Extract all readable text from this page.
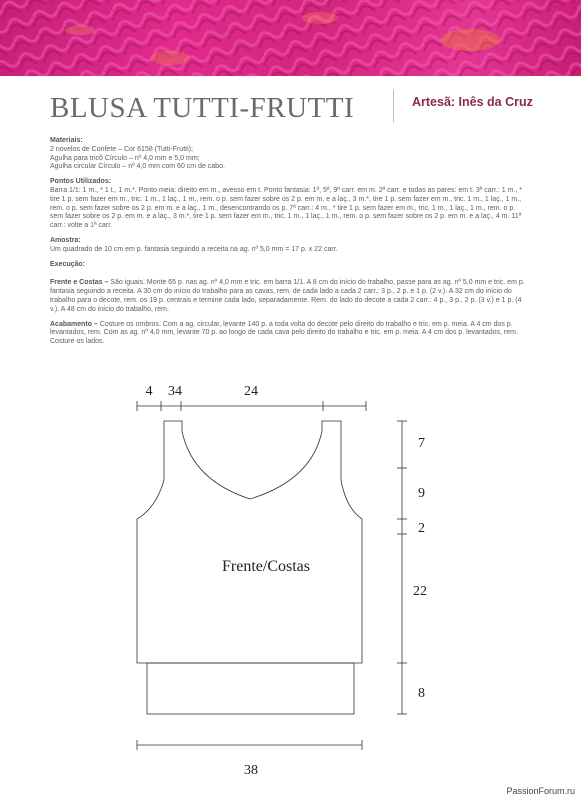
BLUSA TUTTI-FRUTTI	Artesã: Inês da Cruz

Materiais:

2 novelos de Confete – Cor 6158 (Tutti-Frutti);

Agulha para tricô Círculo – nº 4,0 mm e 5,0 mm;

Agulha circular Círculo – nº 4,0 mm com 60 cm de cabo.

Pontos Utilizados:

Barra 1/1: 1 m., * 1 t., 1 m.*. Ponto meia: direito em m., avesso em t. Ponto fantasia: 1ª, 5ª, 9ª carr. em m. 2ª carr. e todas as pares: em t. 3ª carr.: 1 m., * tire 1 p. sem fazer em m., tric. 1 m., 1 laç., 1 m., rem. o p. sem fazer sobre os 2 p. em m. e a laç., 3 m.*, tire 1 p. sem fazer em m., tric. 1 m., 1 laç., 1 m., rem. o p. sem fazer sobre os 2 p. em m. e a laç., 1 m., desencontrando os p. 7ª carr.: 4 m., * tire 1 p. sem fazer em m., tric. 1 m., 1 laç., 1 m., rem. o p. sem fazer sobre os 2 p. em m. e a laç., 3 m.*, tire 1 p. sem fazer em m., tric. 1 m., 1 laç., 1 m., rem. o p. sem fazer sobre os 2 p. em m. e a laç., 4 m. 11ª carr.: volte a 1ª carr.

Amostra:

Um quadrado de 10 cm em p. fantasia seguindo a receita na ag. nº 5,0 mm = 17 p. x 22 carr.

Execução:

Frente e Costas – São iguais. Monte 65 p. nas ag. nº 4,0 mm e tric. em barra 1/1. A 8 cm do início do trabalho, passe para as ag. nº 5,0 mm e tric. em p. fantasia seguindo a receita. A 30 cm do início do trabalho para as cavas, rem. de cada lado a cada 2 carr.: 3 p., 2 p. e 1 p. (2 v.). A 32 cm do início do trabalho para o decote, rem. os 19 p. centrais e termine cada lado, separadamente. Rem. do lado do decote a cada 2 carr.: 4 p., 3 p., 2 p. (3 v.) e 1 p. (4 v.). A 48 cm do início do trabalho, rem.

Acabamento – Costure os ombros. Com a ag. circular, levante 140 p. a toda volta do decote pelo direito do trabalho e tric. em p. meia. A 4 cm dos p. levantados, rem. Com as ag. nº 4,0 mm, levante 70 p. ao longo de cada cava pelo direito do trabalho e tric. em p. meia. A 4 cm dos p. levantados, rem. Costure os lados.

4 34	24
7
9
2
22
8
38
Frente/Costas
PassionForum.ru
